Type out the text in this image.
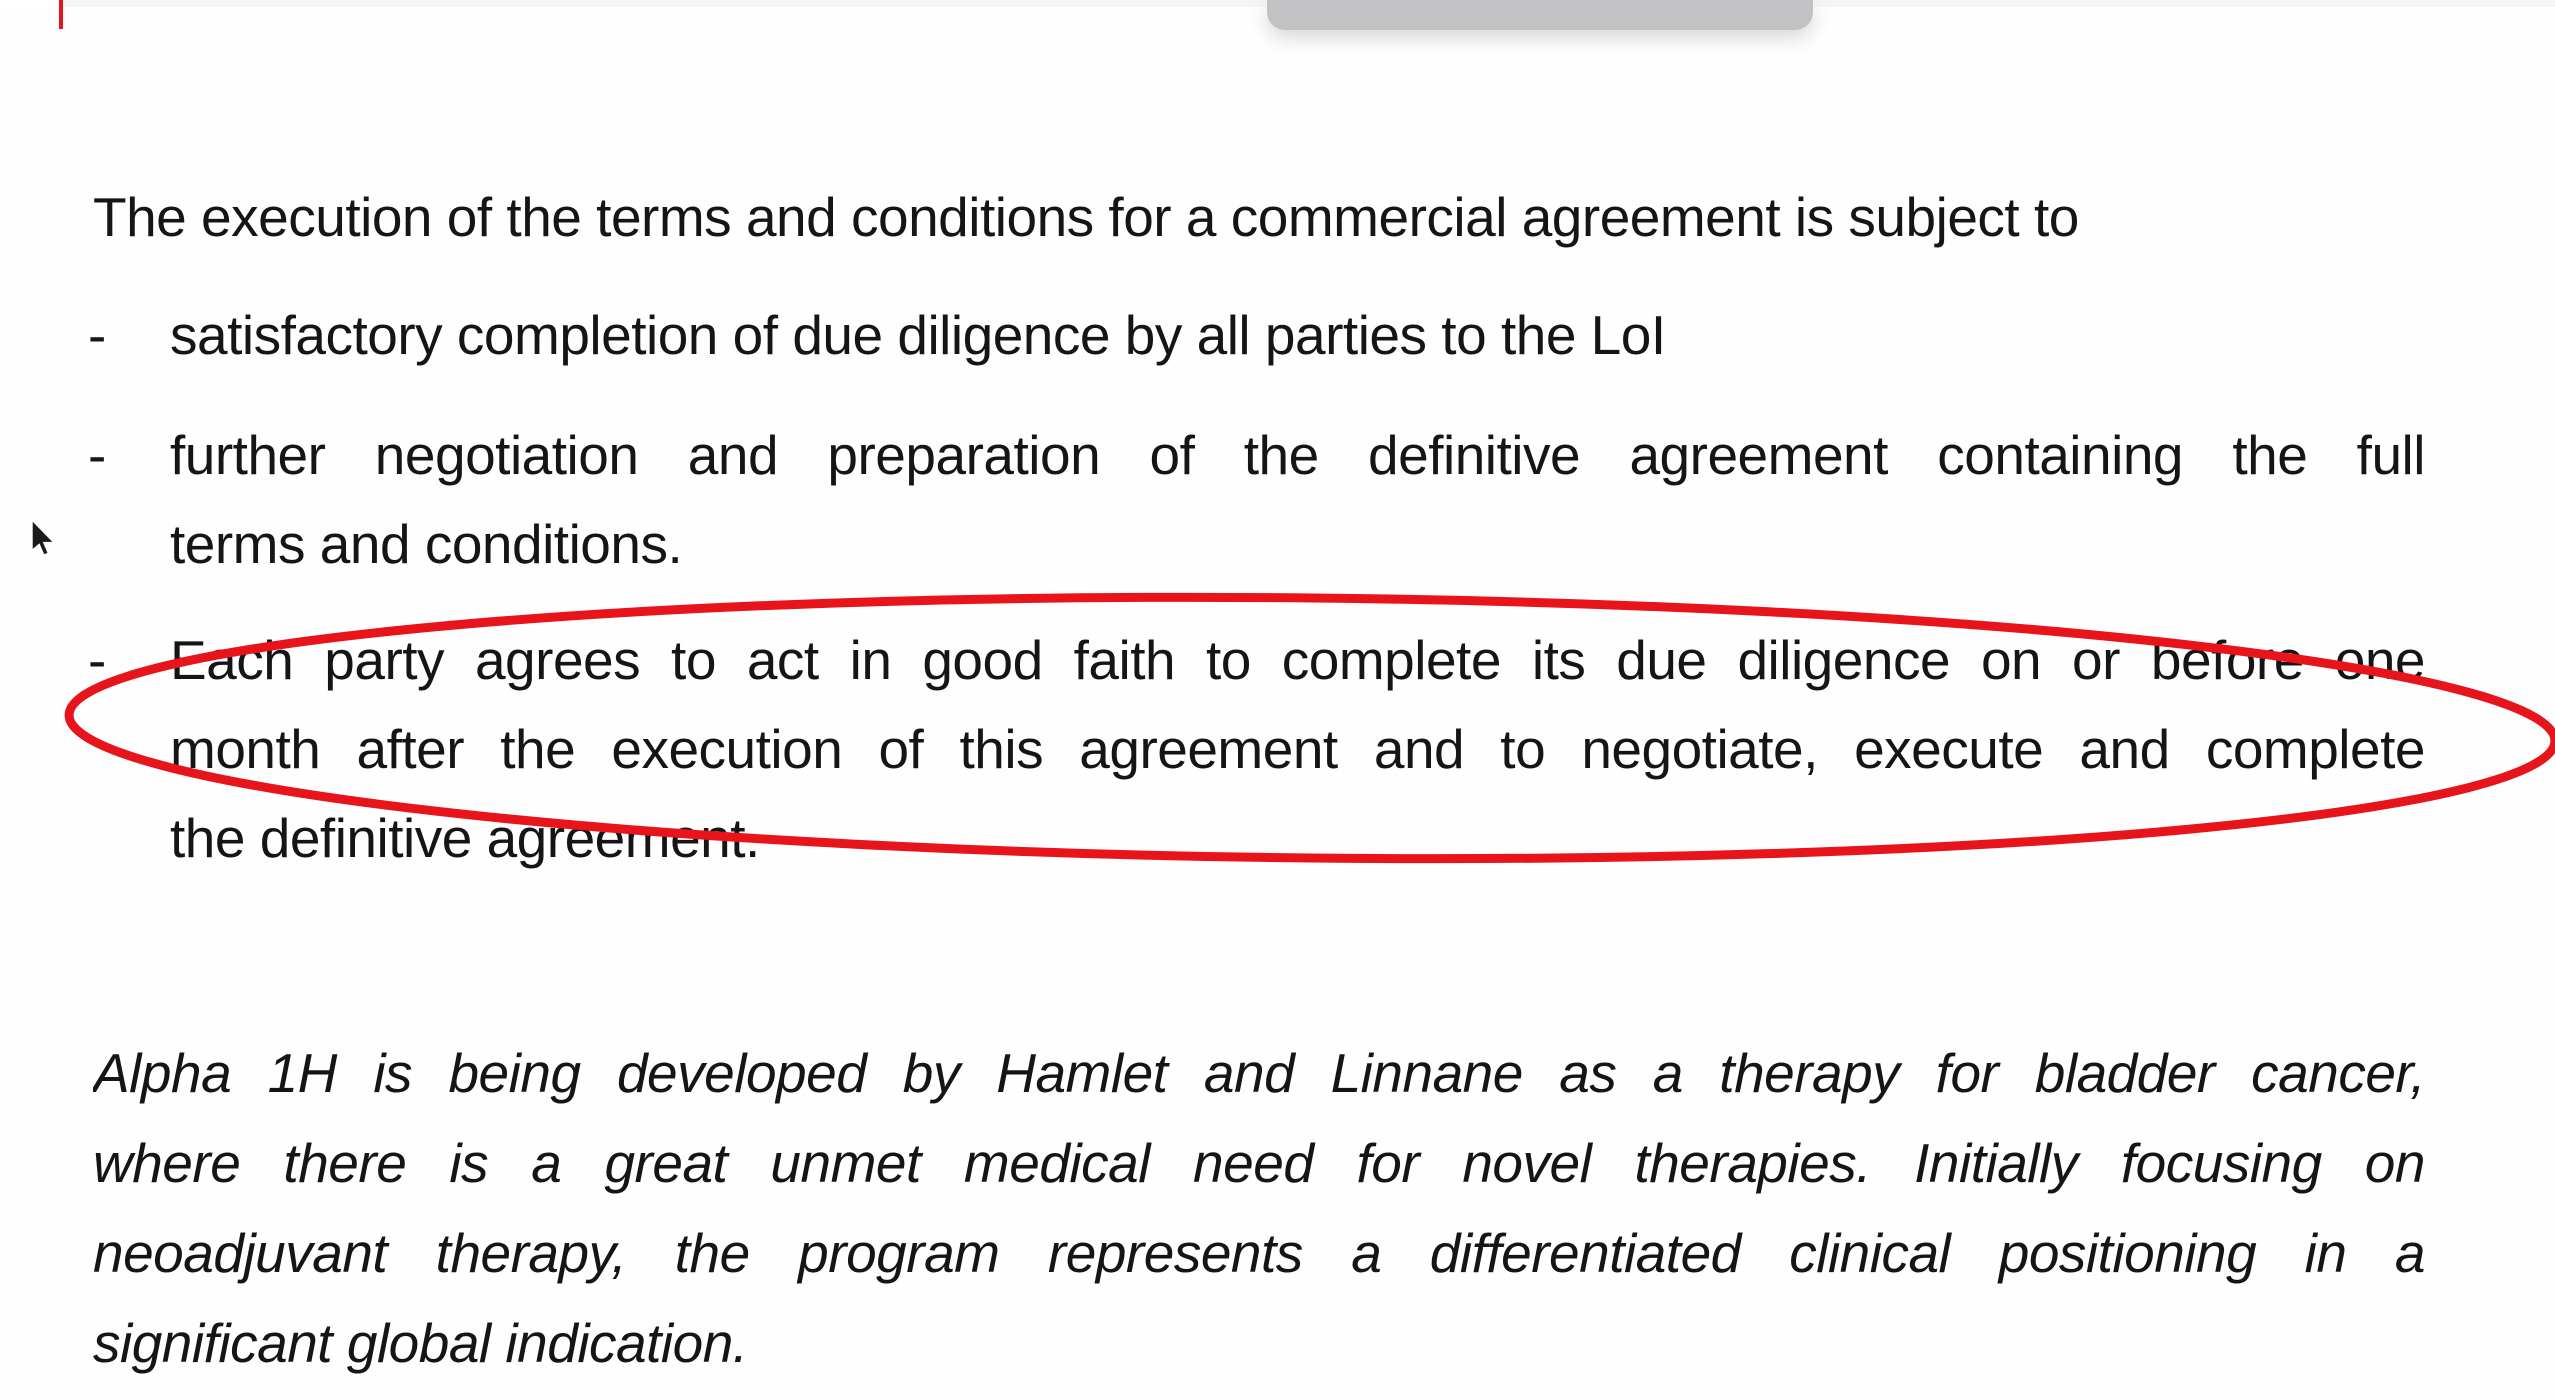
The execution of the terms and conditions for a commercial agreement is subject to
- satisfactory completion of due diligence by all parties to the LoI
- further negotiation and preparation of the definitive agreement containing the full
terms and conditions.
- Each party agrees to act in good faith to complete its due diligence on or before one
month after the execution of this agreement and to negotiate, execute and complete
the definitive agreement.
Alpha 1H is being developed by Hamlet and Linnane as a therapy for bladder cancer,
where there is a great unmet medical need for novel therapies. Initially focusing on
neoadjuvant therapy, the program represents a differentiated clinical positioning in a
significant global indication.
